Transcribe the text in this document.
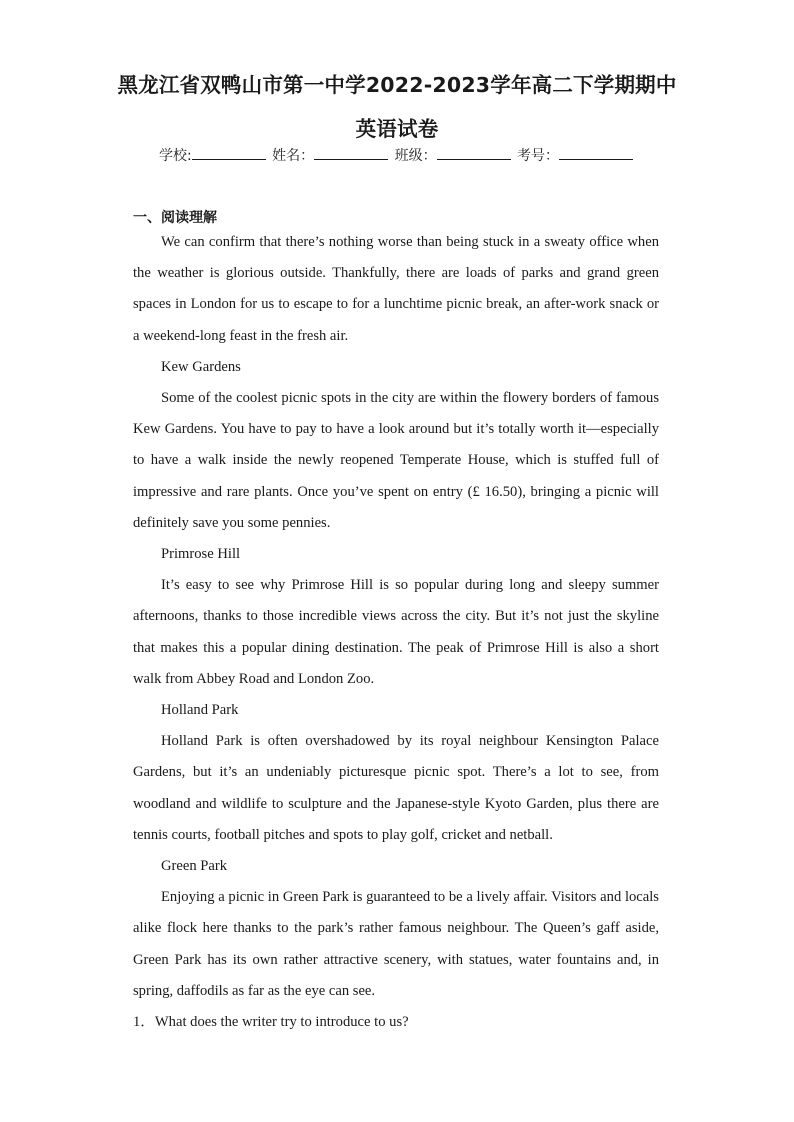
黑龙江省双鸭山市第一中学2022-2023学年高二下学期期中
英语试卷
学校:	姓名：	班级：	考号：
一、阅读理解

We can confirm that there’s nothing worse than being stuck in a sweaty office when the weather is glorious outside. Thankfully, there are loads of parks and grand green spaces in London for us to escape to for a lunchtime picnic break, an after-work snack or a weekend-long feast in the fresh air.

Kew Gardens

Some of the coolest picnic spots in the city are within the flowery borders of famous Kew Gardens. You have to pay to have a look around but it’s totally worth it—especially to have a walk inside the newly reopened Temperate House, which is stuffed full of impressive and rare plants. Once you’ve spent on entry (£ 16.50), bringing a picnic will definitely save you some pennies.

Primrose Hill

It’s easy to see why Primrose Hill is so popular during long and sleepy summer afternoons, thanks to those incredible views across the city. But it’s not just the skyline that makes this a popular dining destination. The peak of Primrose Hill is also a short walk from Abbey Road and London Zoo.

Holland Park

Holland Park is often overshadowed by its royal neighbour Kensington Palace Gardens, but it’s an undeniably picturesque picnic spot. There’s a lot to see, from woodland and wildlife to sculpture and the Japanese-style Kyoto Garden, plus there are tennis courts, football pitches and spots to play golf, cricket and netball.

Green Park

Enjoying a picnic in Green Park is guaranteed to be a lively affair. Visitors and locals alike flock here thanks to the park’s rather famous neighbour. The Queen’s gaff aside, Green Park has its own rather attractive scenery, with statues, water fountains and, in spring, daffodils as far as the eye can see.

1．What does the writer try to introduce to us?
